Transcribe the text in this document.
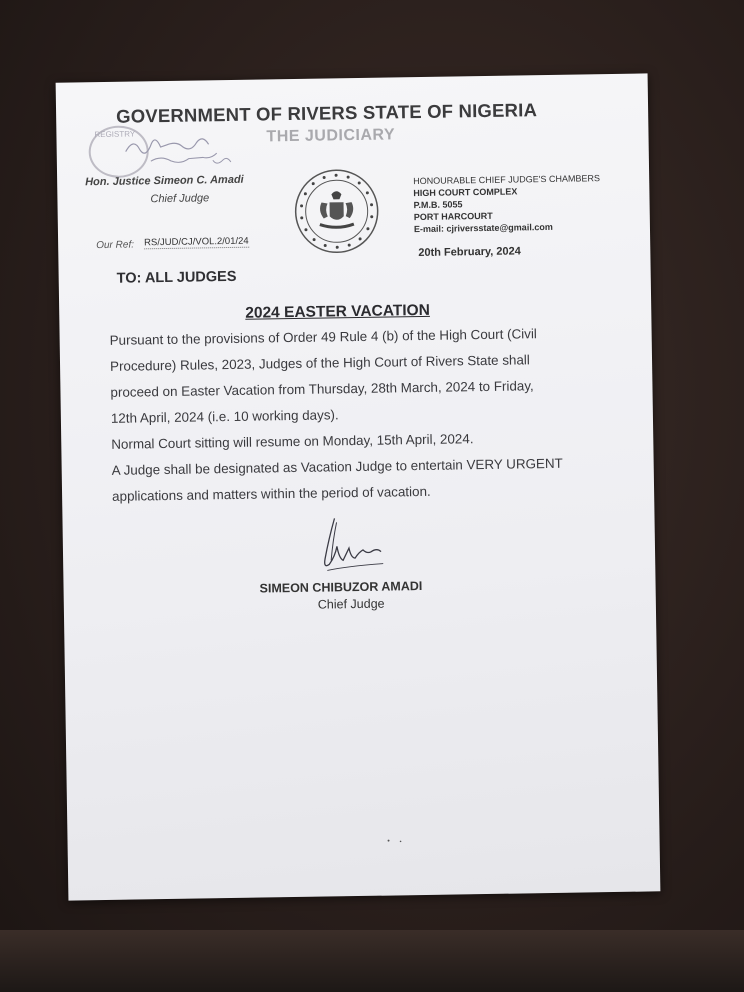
GOVERNMENT OF RIVERS STATE OF NIGERIA
THE JUDICIARY
REGISTRY
Hon. Justice Simeon C. Amadi
Chief Judge
HONOURABLE CHIEF JUDGE'S CHAMBERS
HIGH COURT COMPLEX
P.M.B. 5055
PORT HARCOURT
E-mail: cjriversstate@gmail.com
Our Ref: RS/JUD/CJ/VOL.2/01/24
20th February, 2024
TO: ALL JUDGES
2024 EASTER VACATION
Pursuant to the provisions of Order 49 Rule 4 (b) of the High Court (Civil
Procedure) Rules, 2023, Judges of the High Court of Rivers State shall
proceed on Easter Vacation from Thursday, 28th March, 2024 to Friday,
12th April, 2024 (i.e. 10 working days).
Normal Court sitting will resume on Monday, 15th April, 2024.
A Judge shall be designated as Vacation Judge to entertain VERY URGENT
applications and matters within the period of vacation.
SIMEON CHIBUZOR AMADI
Chief Judge
